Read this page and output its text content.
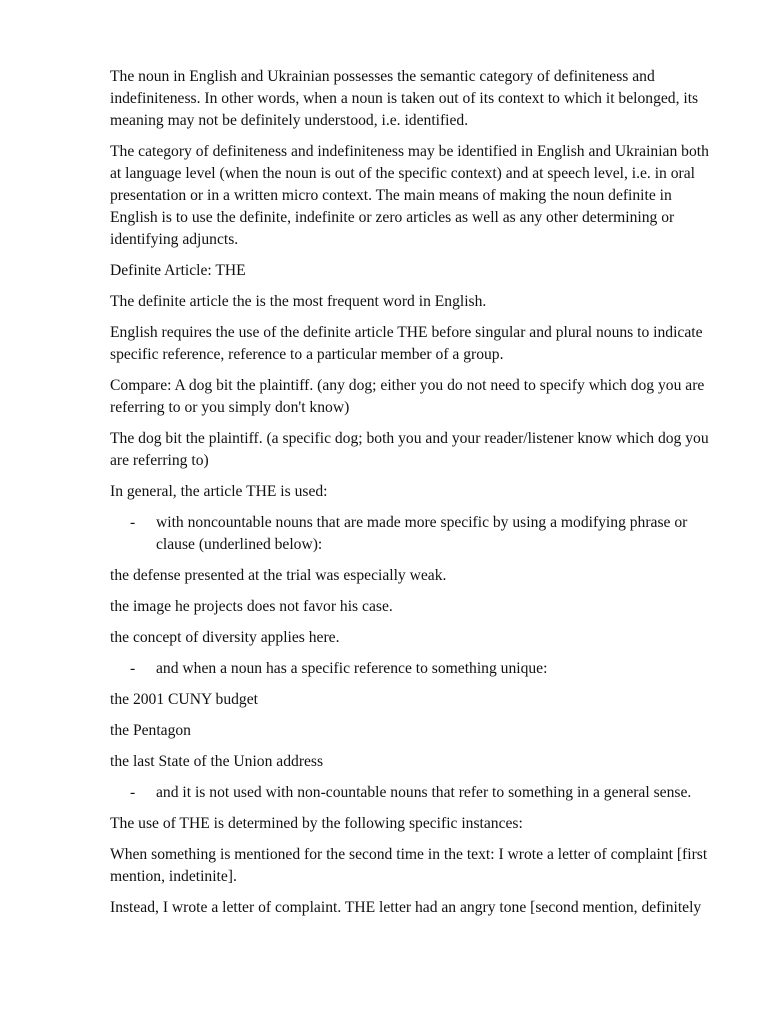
The noun in English and Ukrainian possesses the semantic category of definiteness and indefiniteness. In other words, when a noun is taken out of its context to which it belonged, its meaning may not be definitely understood, i.e. identified.

The category of definiteness and indefiniteness may be identified in English and Ukrainian both at language level (when the noun is out of the specific context) and at speech level, i.e. in oral presentation or in a written micro context. The main means of making the noun definite in English is to use the definite, indefinite or zero articles as well as any other determining or identifying adjuncts.

Definite Article: THE

The definite article the is the most frequent word in English.

English requires the use of the definite article THE before singular and plural nouns to indicate specific reference, reference to a particular member of a group.

Compare: A dog bit the plaintiff. (any dog; either you do not need to specify which dog you are referring to or you simply don't know)

The dog bit the plaintiff. (a specific dog; both you and your reader/listener know which dog you are referring to)

In general, the article THE is used:

-	with noncountable nouns that are made more specific by using a modifying phrase or clause (underlined below):

the defense presented at the trial was especially weak.

the image he projects does not favor his case.

the concept of diversity applies here.

-	and when a noun has a specific reference to something unique:

the 2001 CUNY budget

the Pentagon

the last State of the Union address

-	and it is not used with non-countable nouns that refer to something in a general sense.

The use of THE is determined by the following specific instances:

When something is mentioned for the second time in the text: I wrote a letter of complaint [first mention, indetinite].

Instead, I wrote a letter of complaint. THE letter had an angry tone [second mention, definitely
